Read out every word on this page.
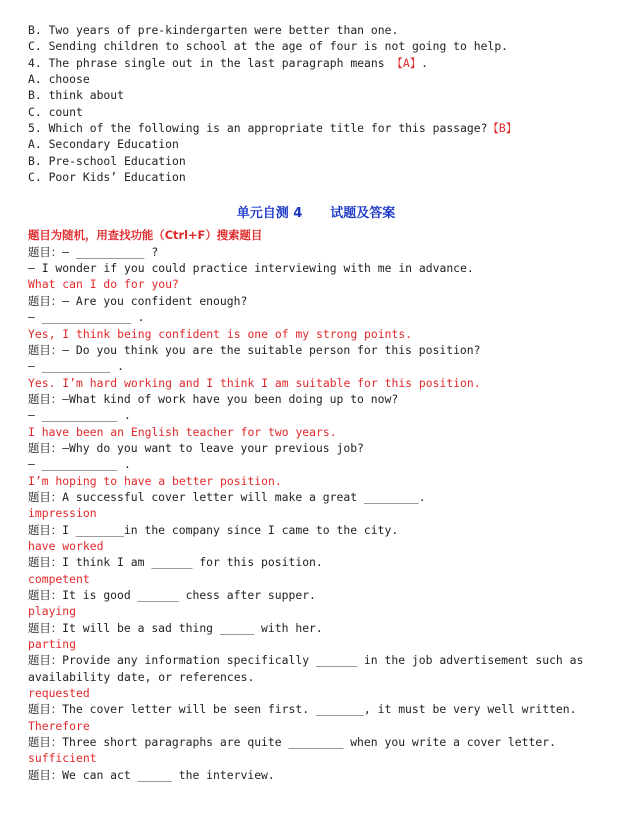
B. Two years of pre-kindergarten were better than one.
C. Sending children to school at the age of four is not going to help.
4. The phrase single out in the last paragraph means 【A】.
A. choose
B. think about
C. count
5. Which of the following is an appropriate title for this passage?【B】
A. Secondary Education
B. Pre-school Education
C. Poor Kids’ Education
单元自测 4 试题及答案
题目为随机，用查找功能（Ctrl+F）搜索题目
题目：— __________ ?
— I wonder if you could practice interviewing with me in advance.
What can I do for you?
题目：— Are you confident enough?
— _____________ .
Yes, I think being confident is one of my strong points.
题目：— Do you think you are the suitable person for this position?
— __________ .
Yes. I’m hard working and I think I am suitable for this position.
题目：—What kind of work have you been doing up to now?
— ___________ .
I have been an English teacher for two years.
题目：—Why do you want to leave your previous job?
— ___________ .
I’m hoping to have a better position.
题目：A successful cover letter will make a great ________.
impression
题目：I _______in the company since I came to the city.
have worked
题目：I think I am ______ for this position.
competent
题目：It is good ______ chess after supper.
playing
题目：It will be a sad thing _____ with her.
parting
题目：Provide any information specifically ______ in the job advertisement such as availability date, or references.
requested
题目：The cover letter will be seen first. _______, it must be very well written.
Therefore
题目：Three short paragraphs are quite ________ when you write a cover letter.
sufficient
题目：We can act _____ the interview.
